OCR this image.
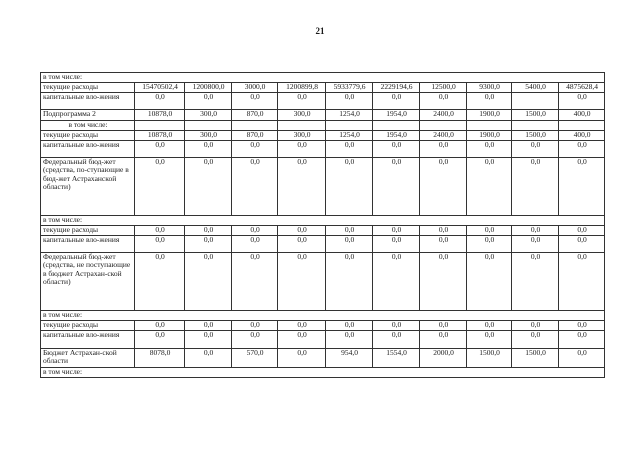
21
в том числе:										
текущие расходы	15470502,4	1200800,0	3000,0	1200899,8	5933779,6	2229194,6	12500,0	9300,0	5400,0	4875628,4
капитальные вло-жения	0,0	0,0	0,0	0,0	0,0	0,0	0,0	0,0		0,0
Подпрограмма 2	10878,0	300,0	870,0	300,0	1254,0	1954,0	2400,0	1900,0	1500,0	400,0
в том числе:										
текущие расходы	10878,0	300,0	870,0	300,0	1254,0	1954,0	2400,0	1900,0	1500,0	400,0
капитальные вло-жения	0,0	0,0	0,0	0,0	0,0	0,0	0,0	0,0	0,0	0,0
Федеральный бюд-жет (средства, по-ступающие в бюд-жет Астраханской области)	0,0	0,0	0,0	0,0	0,0	0,0	0,0	0,0	0,0	0,0
в том числе:										
текущие расходы	0,0	0,0	0,0	0,0	0,0	0,0	0,0	0,0	0,0	0,0
капитальные вло-жения	0,0	0,0	0,0	0,0	0,0	0,0	0,0	0,0	0,0	0,0
Федеральный бюд-жет (средства, не поступающие в бюджет Астрахан-ской области)	0,0	0,0	0,0	0,0	0,0	0,0	0,0	0,0	0,0	0,0
в том числе:										
текущие расходы	0,0	0,0	0,0	0,0	0,0	0,0	0,0	0,0	0,0	0,0
капитальные вло-жения	0,0	0,0	0,0	0,0	0,0	0,0	0,0	0,0	0,0	0,0
Бюджет Астрахан-ской области	8078,0	0,0	570,0	0,0	954,0	1554,0	2000,0	1500,0	1500,0	0,0
в том числе:										
